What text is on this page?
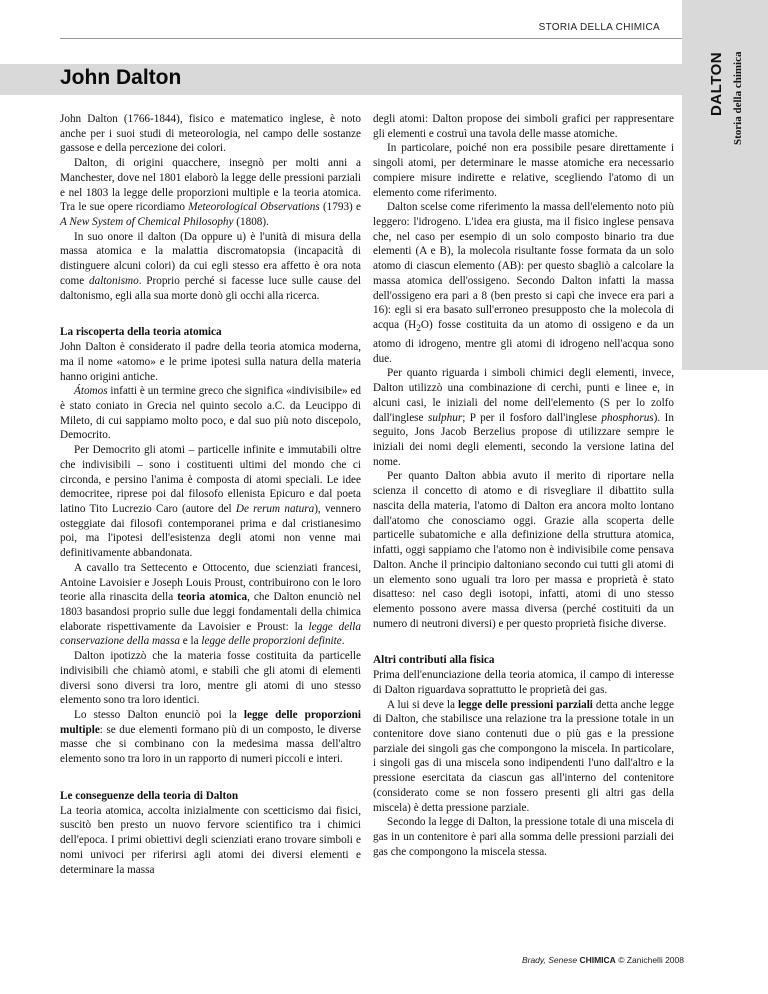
STORIA DELLA CHIMICA
DALTON Storia della chimica
John Dalton

John Dalton (1766-1844), fisico e matematico inglese, è noto anche per i suoi studi di meteorologia, nel campo delle sostanze gassose e della percezione dei colori.

Dalton, di origini quacchere, insegnò per molti anni a Manchester, dove nel 1801 elaborò la legge delle pressioni parziali e nel 1803 la legge delle proporzioni multiple e la teoria atomica. Tra le sue opere ricordiamo Meteorological Observations (1793) e A New System of Chemical Philosophy (1808).

In suo onore il dalton (Da oppure u) è l'unità di misura della massa atomica e la malattia discromatopsia (incapacità di distinguere alcuni colori) da cui egli stesso era affetto è ora nota come daltonismo. Proprio perché si facesse luce sulle cause del daltonismo, egli alla sua morte donò gli occhi alla ricerca.

La riscoperta della teoria atomica

John Dalton è considerato il padre della teoria atomica moderna, ma il nome «atomo» e le prime ipotesi sulla natura della materia hanno origini antiche.

Átomos infatti è un termine greco che significa «indivisibile» ed è stato coniato in Grecia nel quinto secolo a.C. da Leucippo di Mileto, di cui sappiamo molto poco, e dal suo più noto discepolo, Democrito.

Per Democrito gli atomi – particelle infinite e immutabili oltre che indivisibili – sono i costituenti ultimi del mondo che ci circonda, e persino l'anima è composta di atomi speciali. Le idee democritee, riprese poi dal filosofo ellenista Epicuro e dal poeta latino Tito Lucrezio Caro (autore del De rerum natura), vennero osteggiate dai filosofi contemporanei prima e dal cristianesimo poi, ma l'ipotesi dell'esistenza degli atomi non venne mai definitivamente abbandonata.

A cavallo tra Settecento e Ottocento, due scienziati francesi, Antoine Lavoisier e Joseph Louis Proust, contribuirono con le loro teorie alla rinascita della teoria atomica, che Dalton enunciò nel 1803 basandosi proprio sulle due leggi fondamentali della chimica elaborate rispettivamente da Lavoisier e Proust: la legge della conservazione della massa e la legge delle proporzioni definite.

Dalton ipotizzò che la materia fosse costituita da particelle indivisibili che chiamò atomi, e stabilì che gli atomi di elementi diversi sono diversi tra loro, mentre gli atomi di uno stesso elemento sono tra loro identici.

Lo stesso Dalton enunciò poi la legge delle proporzioni multiple: se due elementi formano più di un composto, le diverse masse che si combinano con la medesima massa dell'altro elemento sono tra loro in un rapporto di numeri piccoli e interi.

Le conseguenze della teoria di Dalton

La teoria atomica, accolta inizialmente con scetticismo dai fisici, suscitò ben presto un nuovo fervore scientifico tra i chimici dell'epoca. I primi obiettivi degli scienziati erano trovare simboli e nomi univoci per riferirsi agli atomi dei diversi elementi e determinare la massa

degli atomi: Dalton propose dei simboli grafici per rappresentare gli elementi e costruì una tavola delle masse atomiche.

In particolare, poiché non era possibile pesare direttamente i singoli atomi, per determinare le masse atomiche era necessario compiere misure indirette e relative, scegliendo l'atomo di un elemento come riferimento.

Dalton scelse come riferimento la massa dell'elemento noto più leggero: l'idrogeno. L'idea era giusta, ma il fisico inglese pensava che, nel caso per esempio di un solo composto binario tra due elementi (A e B), la molecola risultante fosse formata da un solo atomo di ciascun elemento (AB): per questo sbagliò a calcolare la massa atomica dell'ossigeno. Secondo Dalton infatti la massa dell'ossigeno era pari a 8 (ben presto si capì che invece era pari a 16): egli si era basato sull'erroneo presupposto che la molecola di acqua $(H_2O)$ fosse costituita da un atomo di ossigeno e da un atomo di idrogeno, mentre gli atomi di idrogeno nell'acqua sono due.

Per quanto riguarda i simboli chimici degli elementi, invece, Dalton utilizzò una combinazione di cerchi, punti e linee e, in alcuni casi, le iniziali del nome dell'elemento (S per lo zolfo dall'inglese sulphur; P per il fosforo dall'inglese phosphorus). In seguito, Jons Jacob Berzelius propose di utilizzare sempre le iniziali dei nomi degli elementi, secondo la versione latina del nome.

Per quanto Dalton abbia avuto il merito di riportare nella scienza il concetto di atomo e di risvegliare il dibattito sulla nascita della materia, l'atomo di Dalton era ancora molto lontano dall'atomo che conosciamo oggi. Grazie alla scoperta delle particelle subatomiche e alla definizione della struttura atomica, infatti, oggi sappiamo che l'atomo non è indivisibile come pensava Dalton. Anche il principio daltoniano secondo cui tutti gli atomi di un elemento sono uguali tra loro per massa e proprietà è stato disatteso: nel caso degli isotopi, infatti, atomi di uno stesso elemento possono avere massa diversa (perché costituiti da un numero di neutroni diversi) e per questo proprietà fisiche diverse.

Altri contributi alla fisica

Prima dell'enunciazione della teoria atomica, il campo di interesse di Dalton riguardava soprattutto le proprietà dei gas.

A lui si deve la legge delle pressioni parziali detta anche legge di Dalton, che stabilisce una relazione tra la pressione totale in un contenitore dove siano contenuti due o più gas e la pressione parziale dei singoli gas che compongono la miscela. In particolare, i singoli gas di una miscela sono indipendenti l'uno dall'altro e la pressione esercitata da ciascun gas all'interno del contenitore (considerato come se non fossero presenti gli altri gas della miscela) è detta pressione parziale.

Secondo la legge di Dalton, la pressione totale di una miscela di gas in un contenitore è pari alla somma delle pressioni parziali dei gas che compongono la miscela stessa.

Brady, Senese CHIMICA © Zanichelli 2008
